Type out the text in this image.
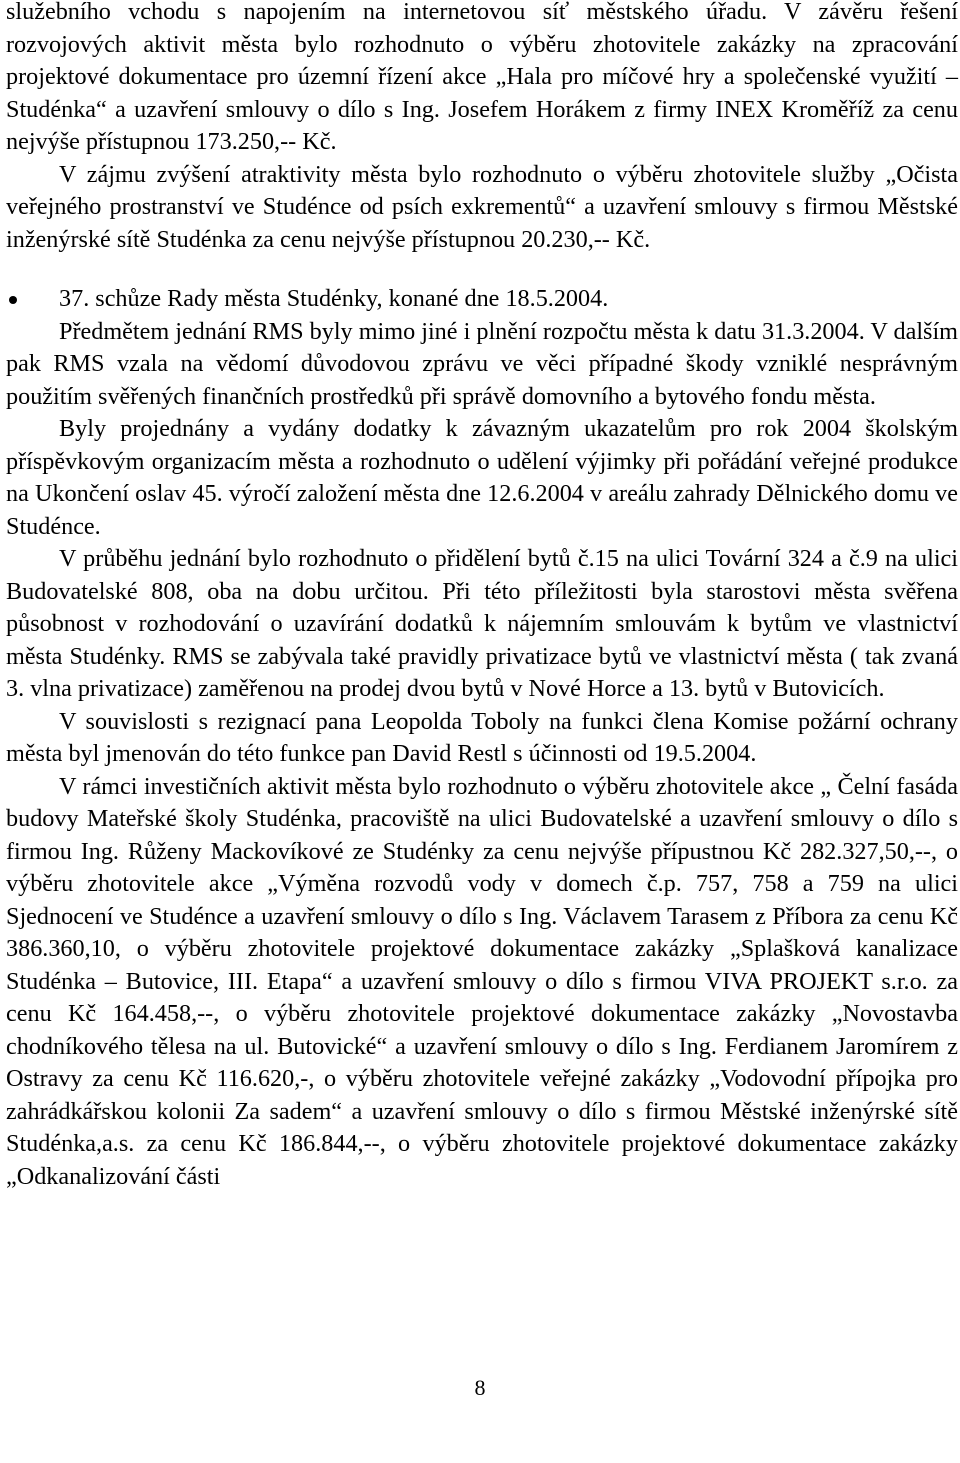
služebního vchodu s napojením na internetovou síť městského úřadu. V závěru řešení rozvojových aktivit města bylo rozhodnuto o výběru zhotovitele zakázky na zpracování projektové dokumentace pro územní řízení akce „Hala pro míčové hry a společenské využití – Studénka“ a uzavření smlouvy o dílo s Ing. Josefem Horákem z firmy INEX Kroměříž za cenu nejvýše přístupnou 173.250,-- Kč.

V zájmu zvýšení atraktivity města bylo rozhodnuto o výběru zhotovitele služby „Očista veřejného prostranství ve Studénce od psích exkrementů“ a uzavření smlouvy s firmou Městské inženýrské sítě Studénka za cenu nejvýše přístupnou 20.230,-- Kč.

37. schůze Rady města Studénky, konané dne 18.5.2004.

Předmětem jednání RMS byly mimo jiné i plnění rozpočtu města k datu 31.3.2004. V dalším pak RMS vzala na vědomí důvodovou zprávu ve věci případné škody vzniklé nesprávným použitím svěřených finančních prostředků při správě domovního a bytového fondu města.

Byly projednány a vydány dodatky k závazným ukazatelům pro rok 2004 školským příspěvkovým organizacím města a rozhodnuto o udělení výjimky při pořádání veřejné produkce na Ukončení oslav 45. výročí založení města dne 12.6.2004 v areálu zahrady Dělnického domu ve Studénce.

V průběhu jednání bylo rozhodnuto o přidělení bytů č.15 na ulici Tovární 324 a č.9 na ulici Budovatelské 808, oba na dobu určitou. Při této příležitosti byla starostovi města svěřena působnost v rozhodování o uzavírání dodatků k nájemním smlouvám k bytům ve vlastnictví města Studénky. RMS se zabývala také pravidly privatizace bytů ve vlastnictví města ( tak zvaná 3. vlna privatizace) zaměřenou na prodej dvou bytů v Nové Horce a 13. bytů v Butovicích.

V souvislosti s rezignací pana Leopolda Toboly na funkci člena Komise požární ochrany města byl jmenován do této funkce pan David Restl s účinnosti od 19.5.2004.

V rámci investičních aktivit města bylo rozhodnuto o výběru zhotovitele akce „ Čelní fasáda budovy Mateřské školy Studénka, pracoviště na ulici Budovatelské a uzavření smlouvy o dílo s firmou Ing. Růženy Mackovíkové ze Studénky za cenu nejvýše přípustnou Kč 282.327,50,--, o výběru zhotovitele akce „Výměna rozvodů vody v domech č.p. 757, 758 a 759 na ulici Sjednocení ve Studénce a uzavření smlouvy o dílo s Ing. Václavem Tarasem z Příbora za cenu Kč 386.360,10, o výběru zhotovitele projektové dokumentace zakázky „Splašková kanalizace Studénka – Butovice, III. Etapa“ a uzavření smlouvy o dílo s firmou VIVA PROJEKT s.r.o. za cenu Kč 164.458,--, o výběru zhotovitele projektové dokumentace zakázky „Novostavba chodníkového tělesa na ul. Butovické“ a uzavření smlouvy o dílo s Ing. Ferdianem Jaromírem z Ostravy za cenu Kč 116.620,-, o výběru zhotovitele veřejné zakázky „Vodovodní přípojka pro zahrádkářskou kolonii Za sadem“ a uzavření smlouvy o dílo s firmou Městské inženýrské sítě Studénka,a.s. za cenu Kč 186.844,--, o výběru zhotovitele projektové dokumentace zakázky „Odkanalizování části

8
